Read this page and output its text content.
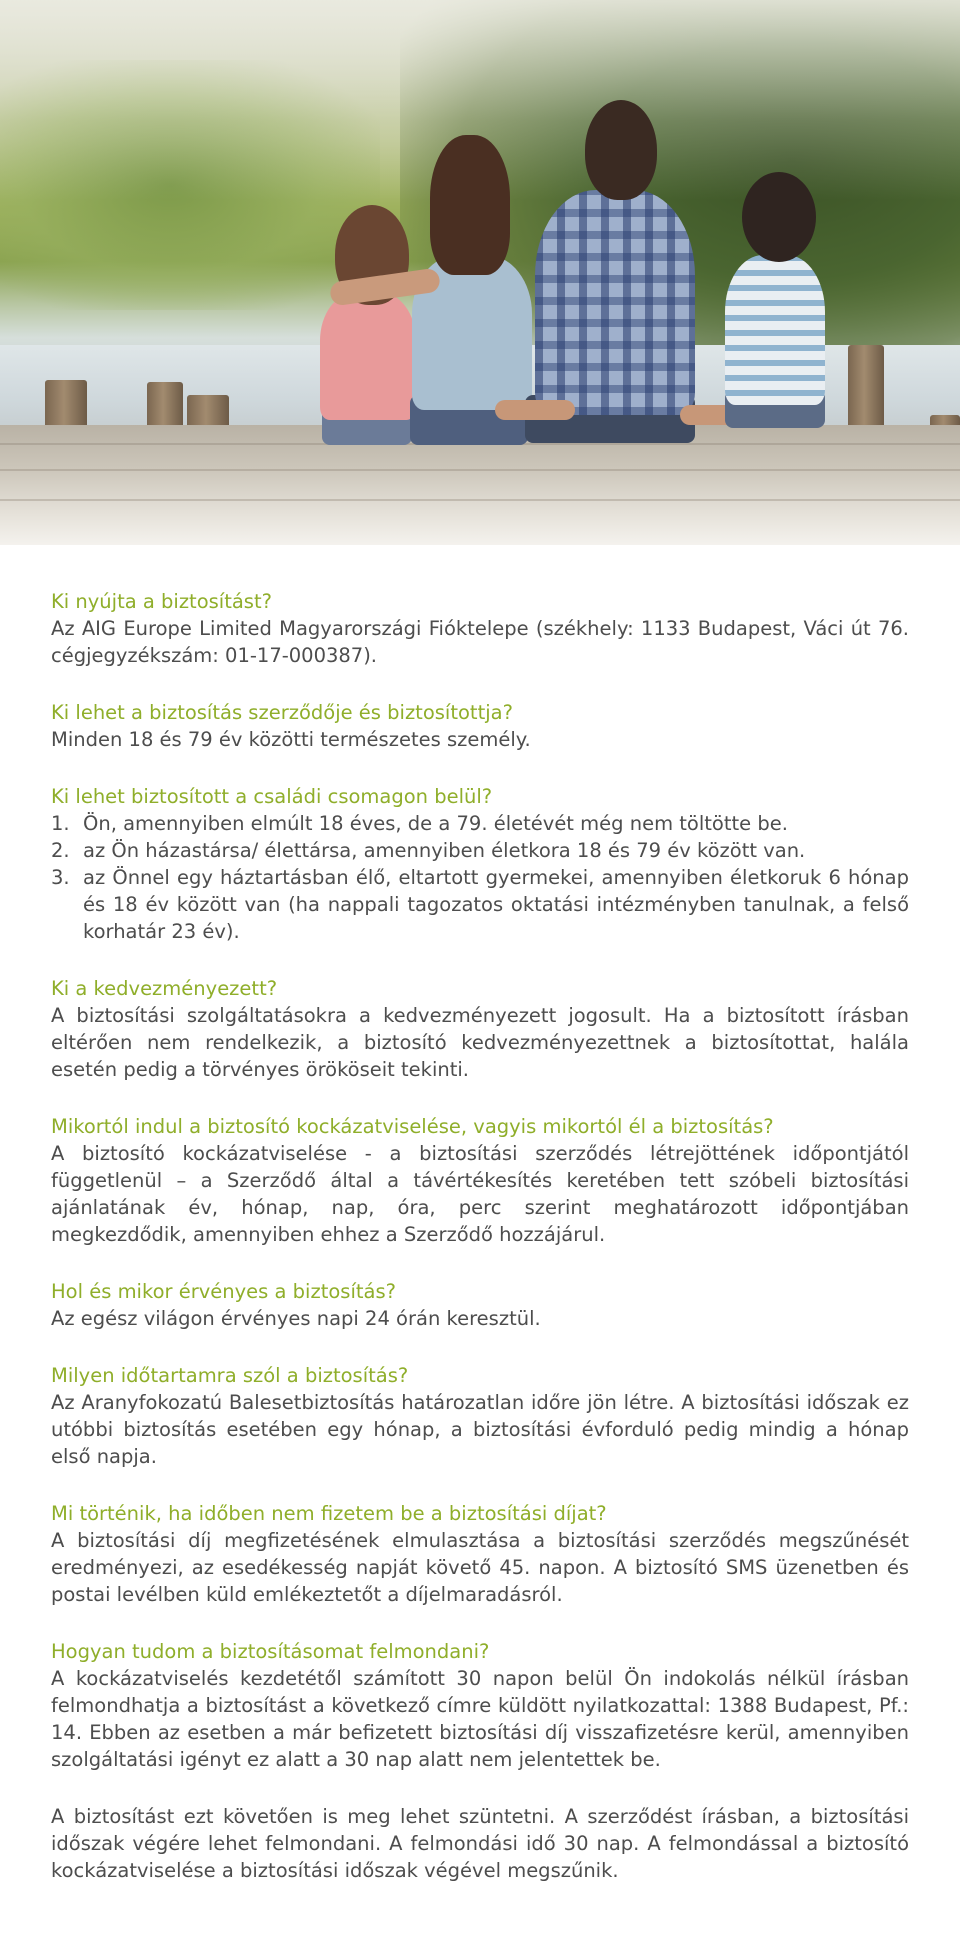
Ki nyújta a biztosítást?
Az AIG Europe Limited Magyarországi Fióktelepe (székhely: 1133 Budapest, Váci út 76. cégjegyzékszám: 01-17-000387).
Ki lehet a biztosítás szerződője és biztosítottja?
Minden 18 és 79 év közötti természetes személy.
Ki lehet biztosított a családi csomagon belül?
1. Ön, amennyiben elmúlt 18 éves, de a 79. életévét még nem töltötte be.
2. az Ön házastársa/ élettársa, amennyiben életkora 18 és 79 év között van.
3. az Önnel egy háztartásban élő, eltartott gyermekei, amennyiben életkoruk 6 hónap és 18 év között van (ha nappali tagozatos oktatási intézményben tanulnak, a felső korhatár 23 év).
Ki a kedvezményezett?
A biztosítási szolgáltatásokra a kedvezményezett jogosult. Ha a biztosított írásban eltérően nem rendelkezik, a biztosító kedvezményezettnek a biztosítottat, halála esetén pedig a törvényes örököseit tekinti.
Mikortól indul a biztosító kockázatviselése, vagyis mikortól él a biztosítás?
A biztosító kockázatviselése - a biztosítási szerződés létrejöttének időpontjától függetlenül – a Szerződő által a távértékesítés keretében tett szóbeli biztosítási ajánlatának év, hónap, nap, óra, perc szerint meghatározott időpontjában megkezdődik, amennyiben ehhez a Szerződő hozzájárul.
Hol és mikor érvényes a biztosítás?
Az egész világon érvényes napi 24 órán keresztül.
Milyen időtartamra szól a biztosítás?
Az Aranyfokozatú Balesetbiztosítás határozatlan időre jön létre. A biztosítási időszak ez utóbbi biztosítás esetében egy hónap, a biztosítási évforduló pedig mindig a hónap első napja.
Mi történik, ha időben nem fizetem be a biztosítási díjat?
A biztosítási díj megfizetésének elmulasztása a biztosítási szerződés megszűnését eredményezi, az esedékesség napját követő 45. napon. A biztosító SMS üzenetben és postai levélben küld emlékeztetőt a díjelmaradásról.
Hogyan tudom a biztosításomat felmondani?
A kockázatviselés kezdetétől számított 30 napon belül Ön indokolás nélkül írásban felmondhatja a biztosítást a következő címre küldött nyilatkozattal: 1388 Budapest, Pf.: 14. Ebben az esetben a már befizetett biztosítási díj visszafizetésre kerül, amennyiben szolgáltatási igényt ez alatt a 30 nap alatt nem jelentettek be.
A biztosítást ezt követően is meg lehet szüntetni. A szerződést írásban, a biztosítási időszak végére lehet felmondani. A felmondási idő 30 nap. A felmondással a biztosító kockázatviselése a biztosítási időszak végével megszűnik.
